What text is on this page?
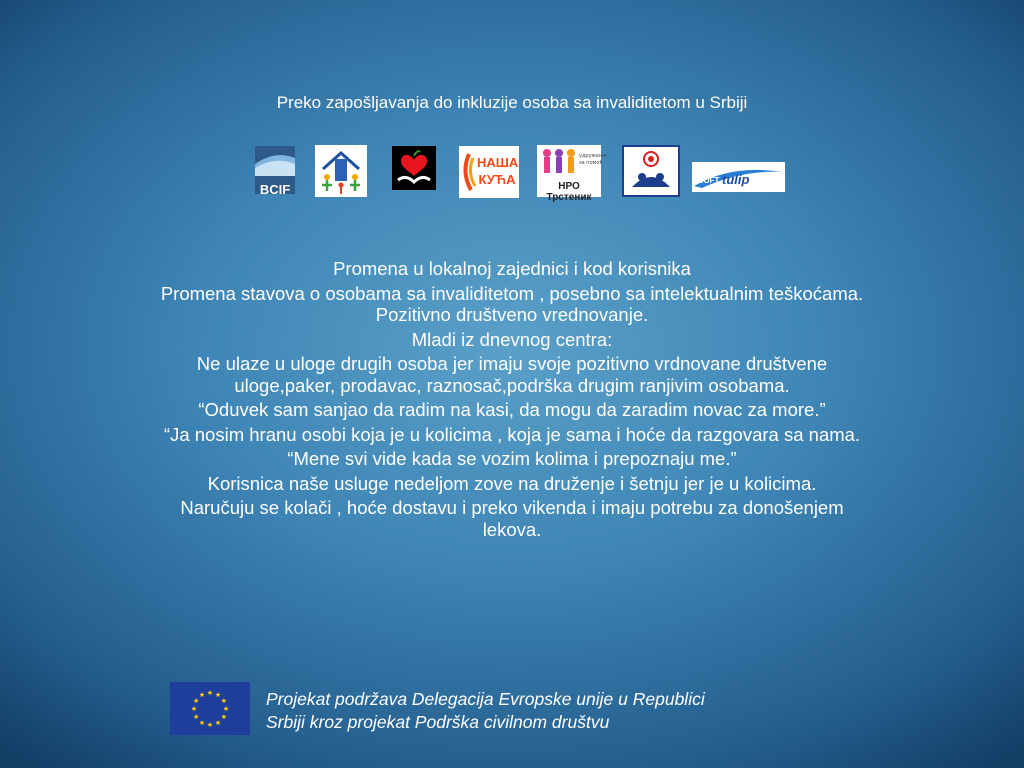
Preko zapošljavanja do inkluzije osoba sa invaliditetom u Srbiji
BCIF
НАША КУЋА
удружење
за помоћ
НРО Трстеник
SOFT tulip

Promena u lokalnoj zajednici i kod korisnika

Promena stavova o osobama sa invaliditetom , posebno sa intelektualnim teškoćama. Pozitivno društveno vrednovanje.

Mladi iz dnevnog centra:

Ne ulaze u uloge drugih osoba jer imaju svoje pozitivno vrdnovane društvene uloge,paker, prodavac, raznosač,podrška drugim ranjivim osobama.

“Oduvek sam sanjao da radim na kasi, da mogu da zaradim novac za more.”

“Ja nosim hranu osobi koja je u kolicima , koja je sama i hoće da razgovara sa nama.

“Mene svi vide kada se vozim kolima i prepoznaju me.”

Korisnica naše usluge nedeljom zove na druženje i šetnju jer je u kolicima.

Naručuju se kolači , hoće dostavu i preko vikenda i imaju potrebu za donošenjem lekova.

★ ★
★
★
★
★
★
★
★
★
★
★	Projekat podržava Delegacija Evropske unije u Republici
Srbiji kroz projekat Podrška civilnom društvu
